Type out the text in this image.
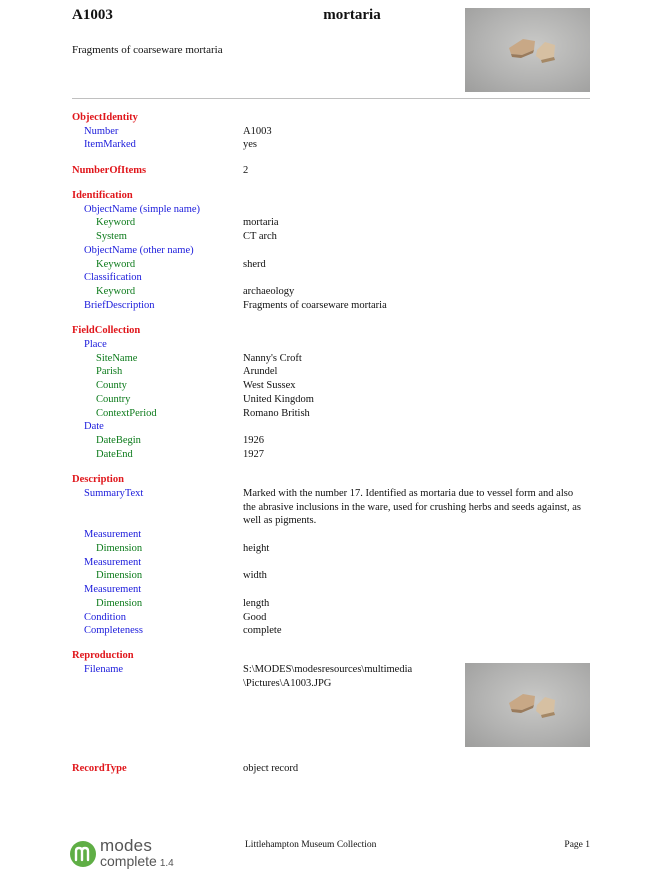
A1003	mortaria
Fragments of coarseware mortaria
ObjectIdentity
Number	A1003
ItemMarked	yes
NumberOfItems	2
Identification
ObjectName (simple name)
Keyword	mortaria
System	CT arch
ObjectName (other name)
Keyword	sherd
Classification
Keyword	archaeology
BriefDescription	Fragments of coarseware mortaria
FieldCollection
Place
SiteName	Nanny's Croft
Parish	Arundel
County	West Sussex
Country	United Kingdom
ContextPeriod	Romano British
Date
DateBegin	1926
DateEnd	1927
Description
SummaryText	Marked with the number 17. Identified as mortaria due to vessel form and also the abrasive inclusions in the ware, used for crushing herbs and seeds against, as well as pigments.
Measurement
Dimension	height
Measurement
Dimension	width
Measurement
Dimension	length
Condition	Good
Completeness	complete
Reproduction
Filename	S:\MODES\modesresources\multimedia
\Pictures\A1003.JPG
RecordType	object record
modes
complete 1.4
Littlehampton Museum Collection	Page 1
